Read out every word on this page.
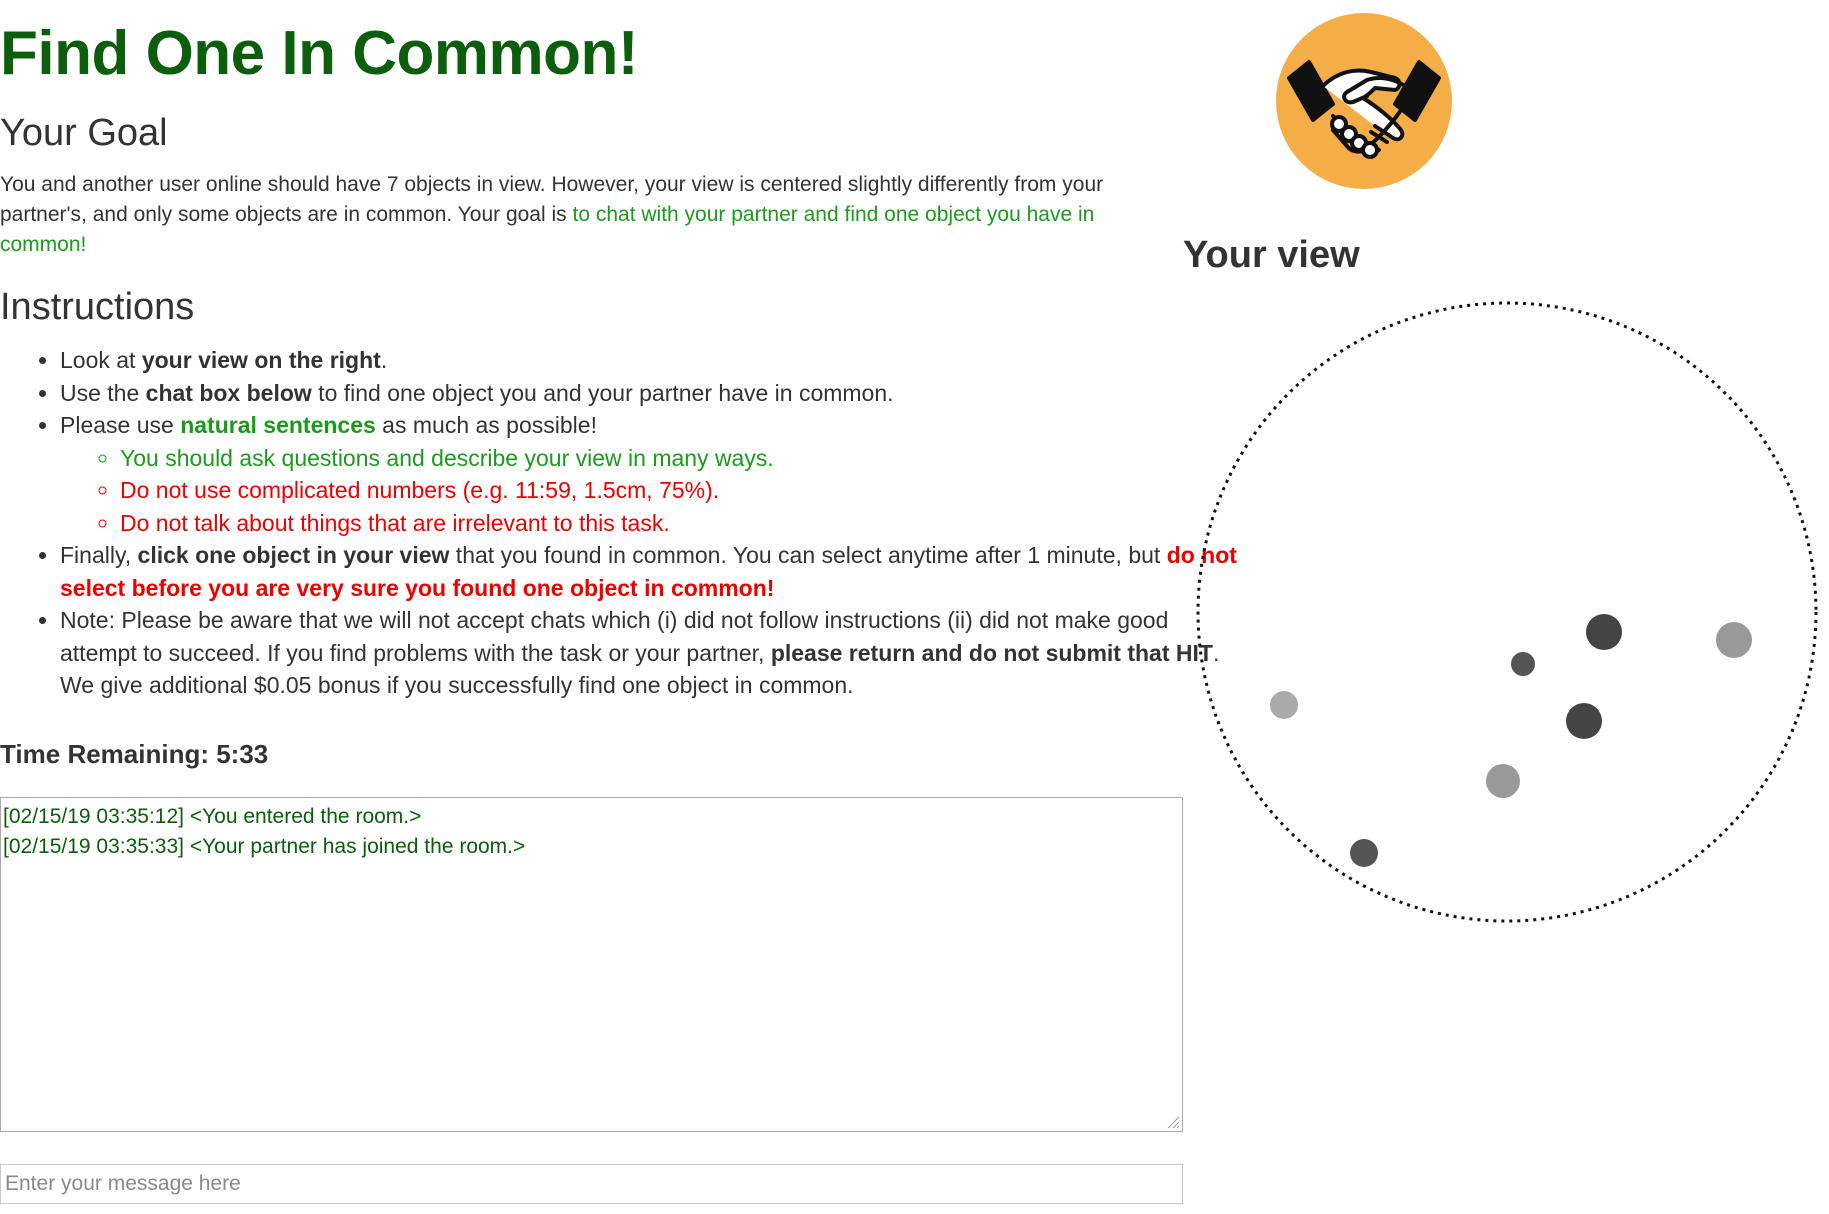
Find One In Common!
Your Goal

You and another user online should have 7 objects in view. However, your view is centered slightly differently from your partner's, and only some objects are in common. Your goal is to chat with your partner and find one object you have in common!

Instructions
• Look at your view on the right.
• Use the chat box below to find one object you and your partner have in common.
• Please use natural sentences as much as possible!
◦ You should ask questions and describe your view in many ways.
◦ Do not use complicated numbers (e.g. 11:59, 1.5cm, 75%).
◦ Do not talk about things that are irrelevant to this task.
• Finally, click one object in your view that you found in common. You can select anytime after 1 minute, but do not select before you are very sure you found one object in common!
• Note: Please be aware that we will not accept chats which (i) did not follow instructions (ii) did not make good attempt to succeed. If you find problems with the task or your partner, please return and do not submit that HIT. We give additional $0.05 bonus if you successfully find one object in common.
Time Remaining: 5:33
[02/15/19 03:35:12] <You entered the room.>
[02/15/19 03:35:33] <Your partner has joined the room.>
Enter your message here
Your view
